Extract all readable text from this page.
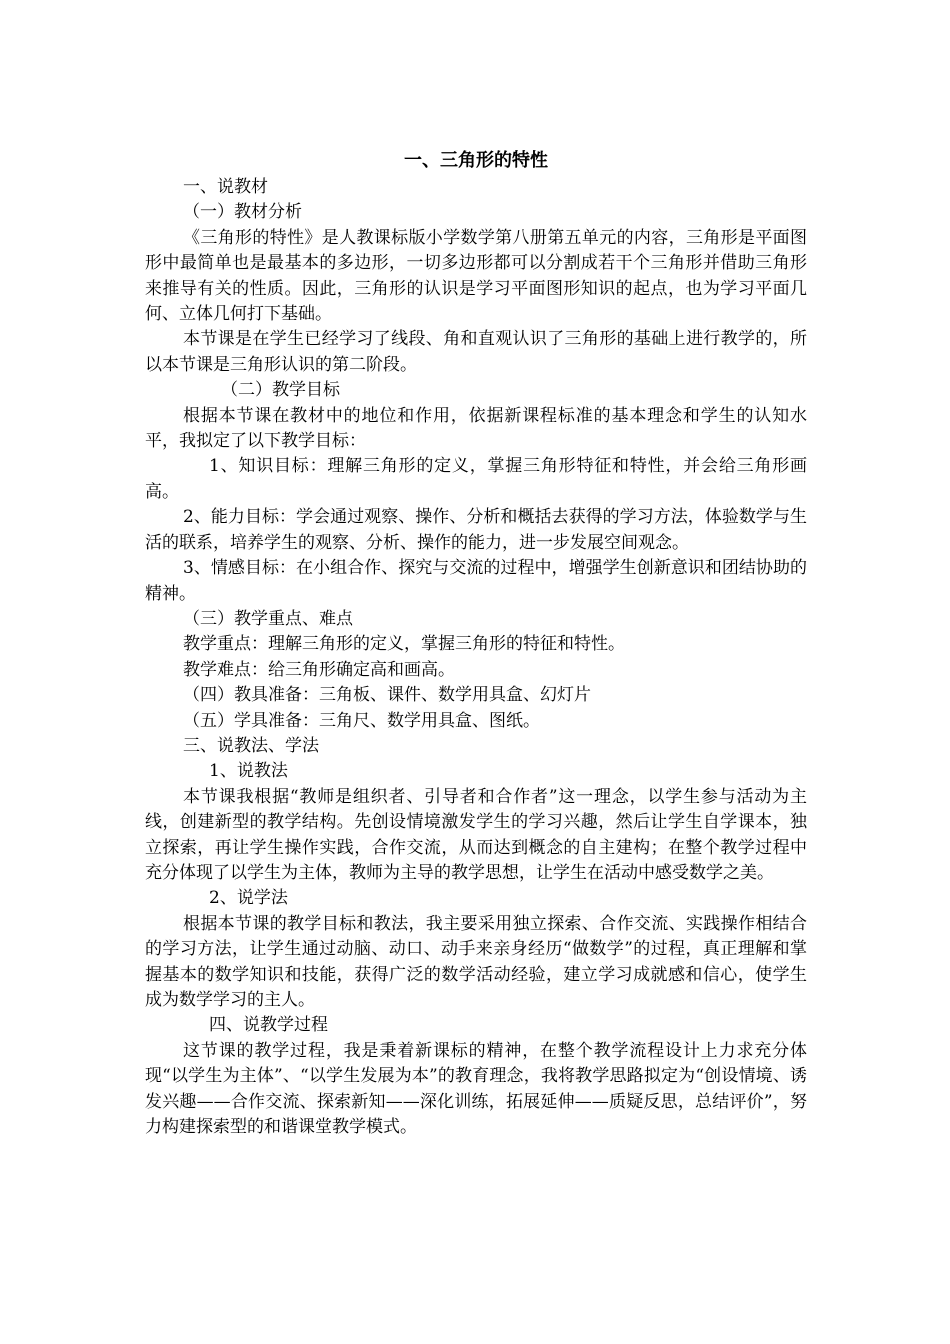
一、三角形的特性

一、说教材

（一）教材分析

《三角形的特性》是人教课标版小学数学第八册第五单元的内容，三角形是平面图形中最简单也是最基本的多边形，一切多边形都可以分割成若干个三角形并借助三角形来推导有关的性质。因此，三角形的认识是学习平面图形知识的起点，也为学习平面几何、立体几何打下基础。

本节课是在学生已经学习了线段、角和直观认识了三角形的基础上进行教学的，所以本节课是三角形认识的第二阶段。

（二）教学目标

根据本节课在教材中的地位和作用，依据新课程标准的基本理念和学生的认知水平，我拟定了以下教学目标：

1、知识目标：理解三角形的定义，掌握三角形特征和特性，并会给三角形画高。

2、能力目标：学会通过观察、操作、分析和概括去获得的学习方法，体验数学与生活的联系，培养学生的观察、分析、操作的能力，进一步发展空间观念。

3、情感目标：在小组合作、探究与交流的过程中，增强学生创新意识和团结协助的精神。

（三）教学重点、难点

教学重点：理解三角形的定义，掌握三角形的特征和特性。

教学难点：给三角形确定高和画高。

（四）教具准备：三角板、课件、数学用具盒、幻灯片

（五）学具准备：三角尺、数学用具盒、图纸。

三、说教法、学法

1、说教法

本节课我根据“教师是组织者、引导者和合作者”这一理念，以学生参与活动为主线，创建新型的教学结构。先创设情境激发学生的学习兴趣，然后让学生自学课本，独立探索，再让学生操作实践，合作交流，从而达到概念的自主建构；在整个教学过程中充分体现了以学生为主体，教师为主导的教学思想，让学生在活动中感受数学之美。

2、说学法

根据本节课的教学目标和教法，我主要采用独立探索、合作交流、实践操作相结合的学习方法，让学生通过动脑、动口、动手来亲身经历“做数学”的过程，真正理解和掌握基本的数学知识和技能，获得广泛的数学活动经验，建立学习成就感和信心，使学生成为数学学习的主人。

四、说教学过程

这节课的教学过程，我是秉着新课标的精神，在整个教学流程设计上力求充分体现“以学生为主体”、“以学生发展为本”的教育理念，我将教学思路拟定为“创设情境、诱发兴趣——合作交流、探索新知——深化训练，拓展延伸——质疑反思，总结评价”，努力构建探索型的和谐课堂教学模式。
